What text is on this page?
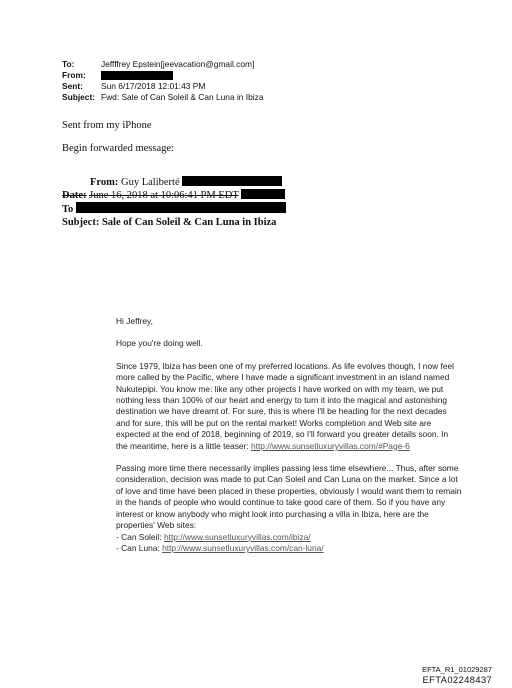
To:	Jeffffrey Epstein[jeevacation@gmail.com]
From:
Sent:	Sun 6/17/2018 12:01:43 PM
Subject: Fwd: Sale of Can Soleil & Can Luna in Ibiza
Sent from my iPhone
Begin forwarded message:
From: Guy Laliberté
Date: June 16, 2018 at 10:06:41 PM EDT
To
Subject: Sale of Can Soleil & Can Luna in Ibiza

Hi Jeffrey,

Hope you're doing well.

Since 1979, Ibiza has been one of my preferred locations. As life evolves though, I now feel more called by the Pacific, where I have made a significant investment in an island named Nukutepipi. You know me: like any other projects I have worked on with my team, we put nothing less than 100% of our heart and energy to turn it into the magical and astonishing destination we have dreamt of. For sure, this is where I'll be heading for the next decades and for sure, this will be put on the rental market! Works completion and Web site are expected at the end of 2018, beginning of 2019, so I'll forward you greater details soon. In the meantime, here is a little teaser: http://www.sunsetluxuryvillas.com/#Page-6

Passing more time there necessarily implies passing less time elsewhere... Thus, after some consideration, decision was made to put Can Soleil and Can Luna on the market. Since a lot of love and time have been placed in these properties, obviously I would want them to remain in the hands of people who would continue to take good care of them. So if you have any interest or know anybody who might look into purchasing a villa in Ibiza, here are the properties' Web sites:
- Can Soleil: http://www.sunsetluxuryvillas.com/ibiza/
- Can Luna: http://www.sunsetluxuryvillas.com/can-luna/

EFTA_R1_01029287
EFTA02248437
